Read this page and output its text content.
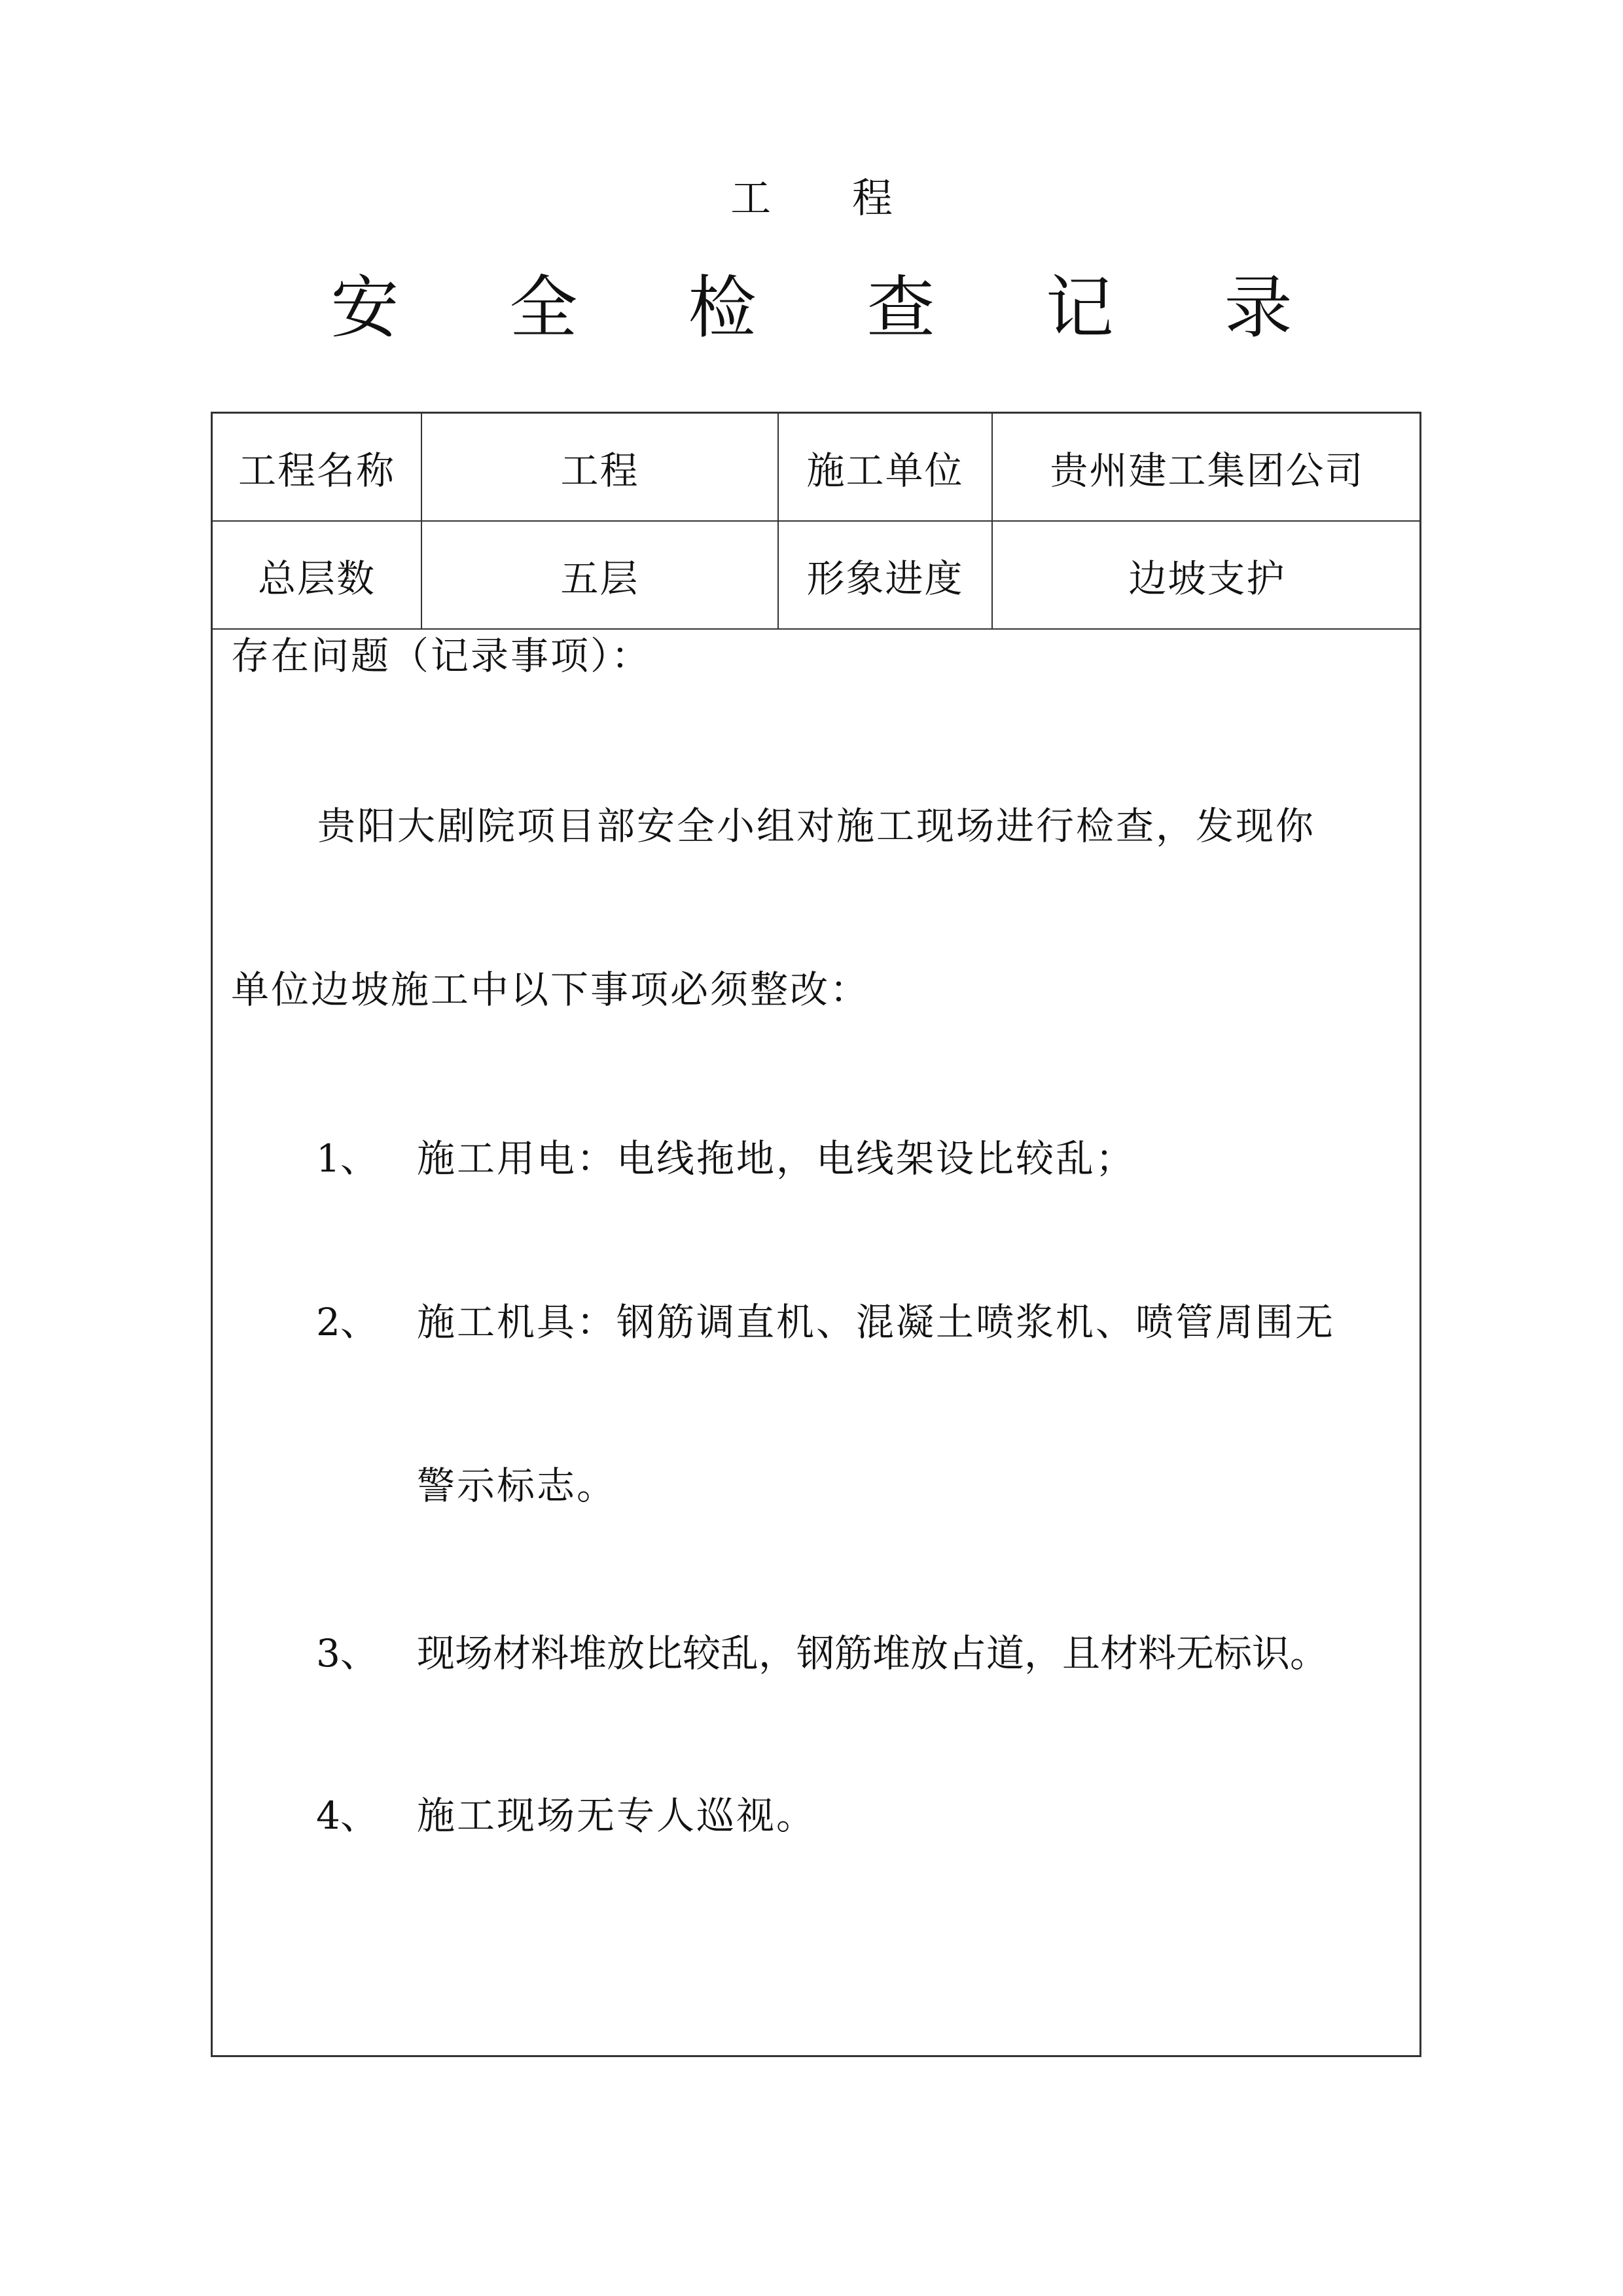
工 程
安 全 检 查 记 录
工程名称	工程	施工单位	贵州建工集团公司
总层数	五层	形象进度	边坡支护
存在问题（记录事项）：
贵阳大剧院项目部安全小组对施工现场进行检查，发现你
单位边坡施工中以下事项必须整改：
1、 施工用电：电线拖地，电线架设比较乱；
2、 施工机具：钢筋调直机、混凝土喷浆机、喷管周围无
警示标志。
3、 现场材料堆放比较乱，钢筋堆放占道，且材料无标识。
4、 施工现场无专人巡视。
